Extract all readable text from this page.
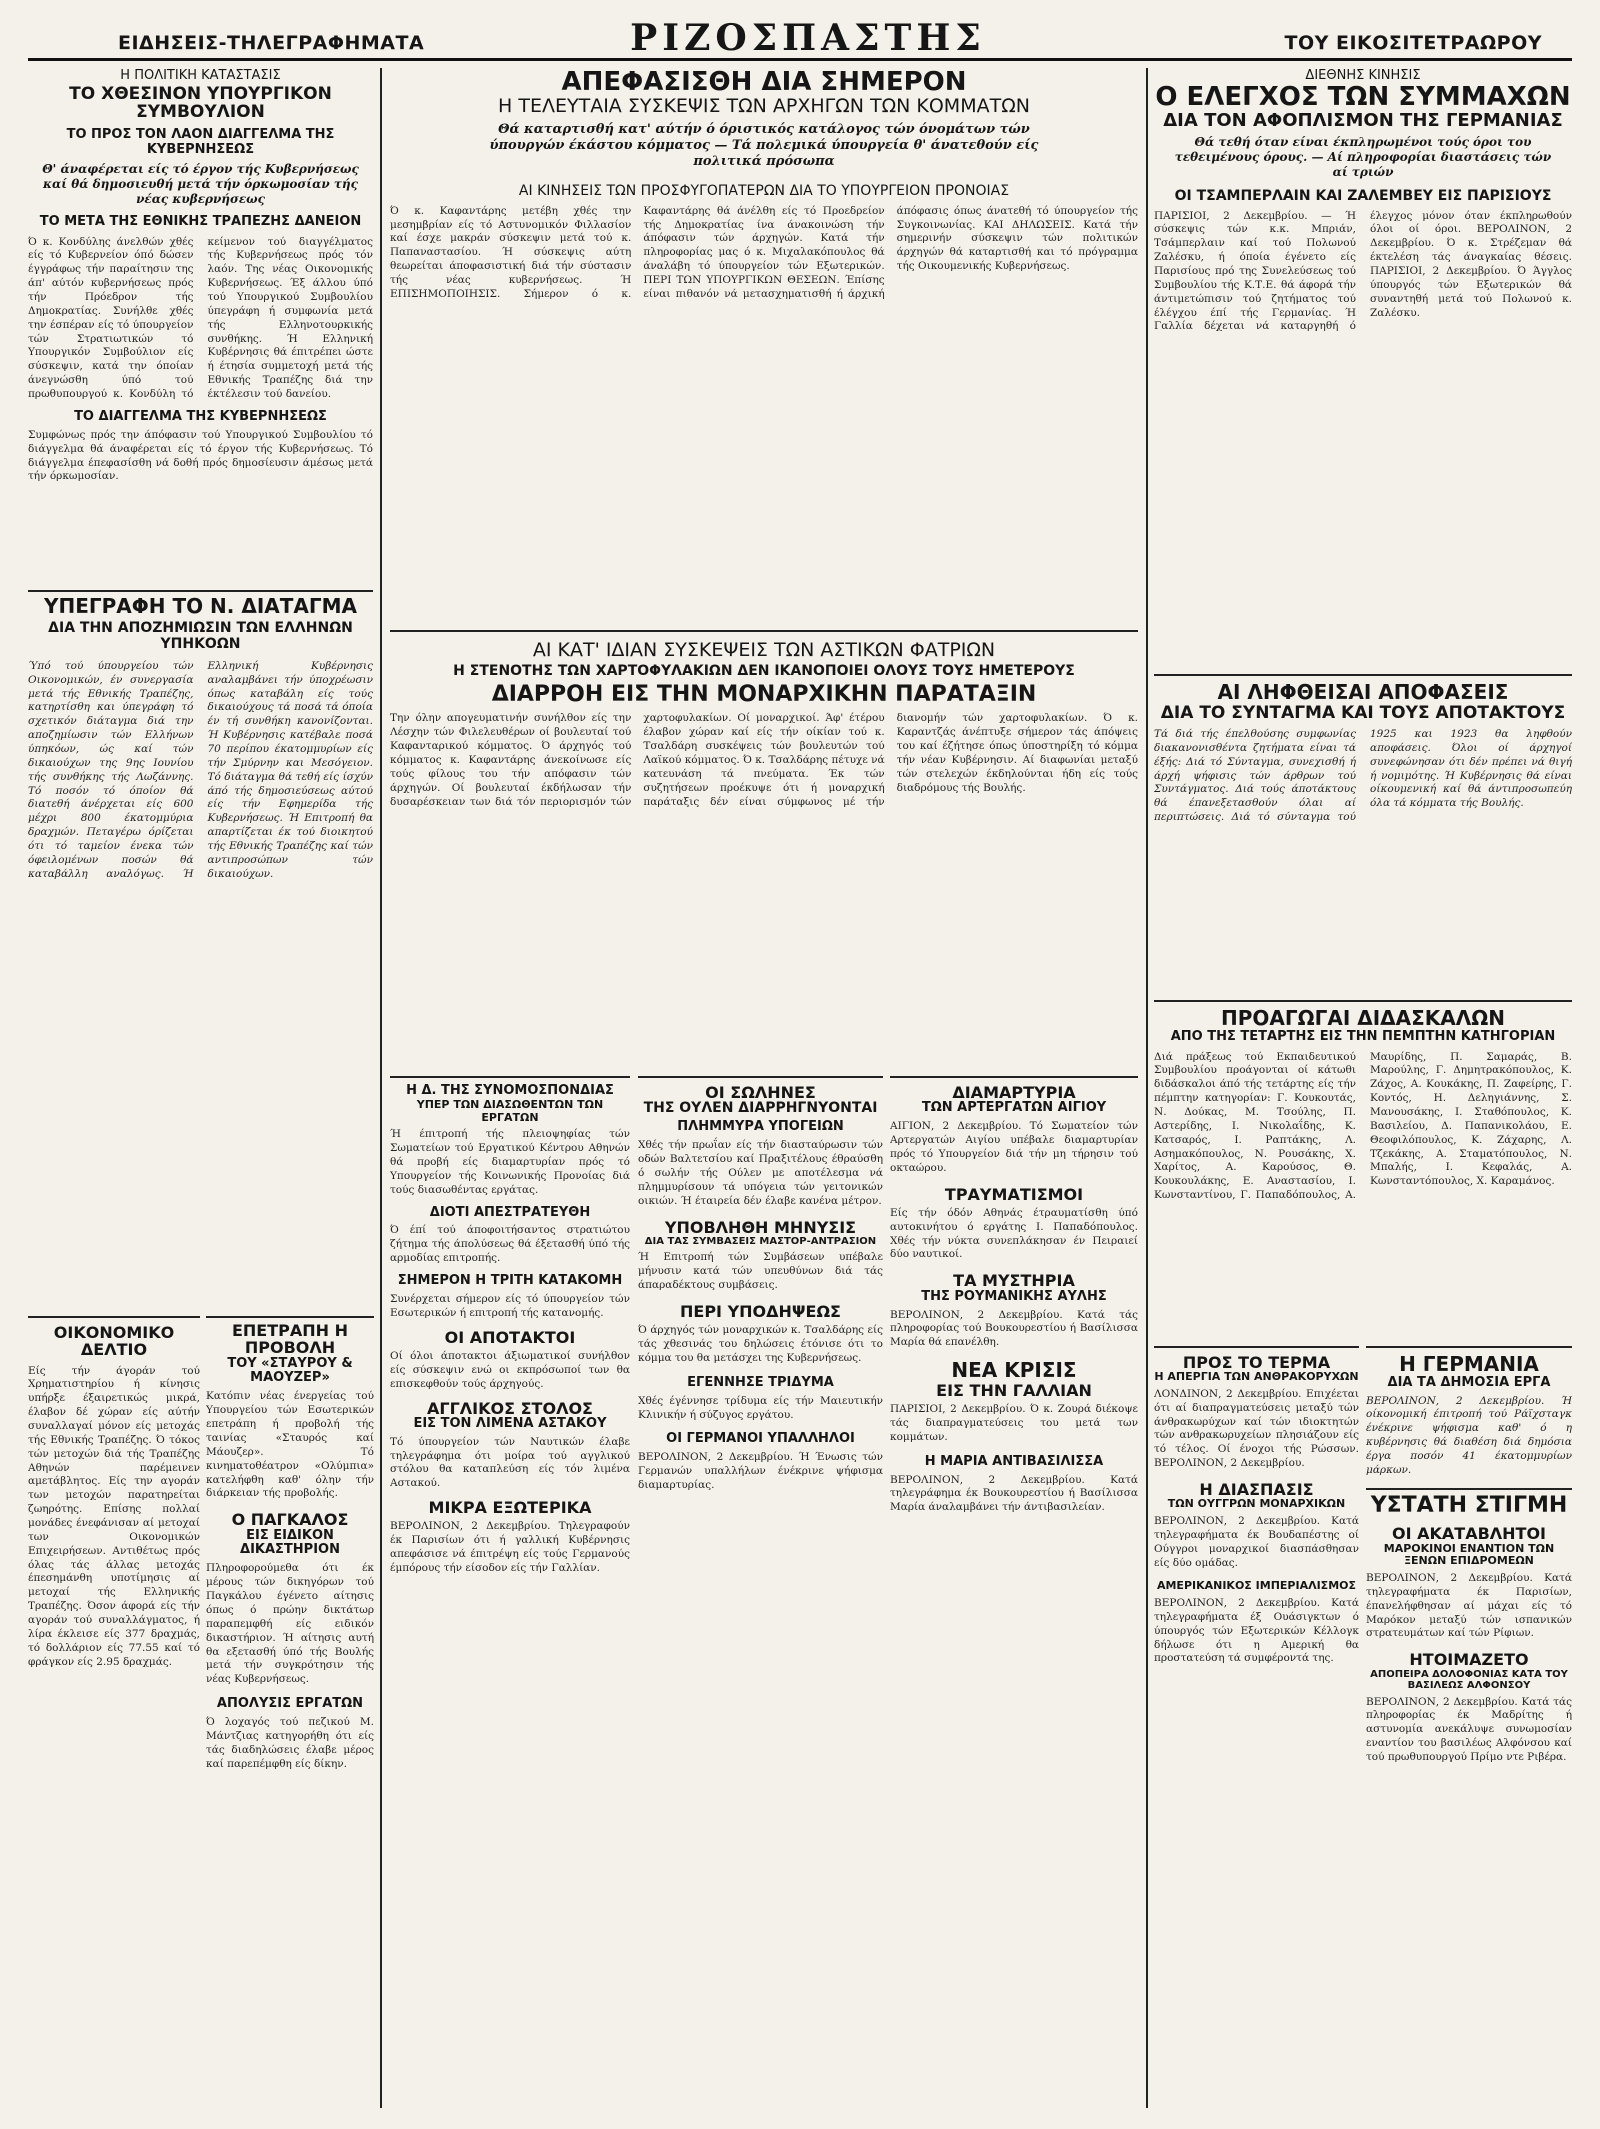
ΕΙΔΗΣΕΙΣ-ΤΗΛΕΓΡΑΦΗΜΑΤΑ	ΡΙΖΟΣΠΑΣΤΗΣ	ΤΟΥ ΕΙΚΟΣΙΤΕΤΡΑΩΡΟΥ
Η ΠΟΛΙΤΙΚΗ ΚΑΤΑΣΤΑΣΙΣ
ΤΟ ΧΘΕΣΙΝΟΝ ΥΠΟΥΡΓΙΚΟΝ ΣΥΜΒΟΥΛΙΟΝ
ΤΟ ΠΡΟΣ ΤΟΝ ΛΑΟΝ ΔΙΑΓΓΕΛΜΑ ΤΗΣ ΚΥΒΕΡΝΗΣΕΩΣ
Θ' άναφέρεται είς τό έργον τής Κυβερνήσεως καί θά δημοσιευθή μετά τήν όρκωμοσίαν τής νέας κυβερνήσεως
ΤΟ ΜΕΤΑ ΤΗΣ ΕΘΝΙΚΗΣ ΤΡΑΠΕΖΗΣ ΔΑΝΕΙΟΝ
Ό κ. Κονδύλης άνελθών χθές είς τό Κυβερνείον όπό δώσεν έγγράφως τήν παραίτησιν της άπ' αύτόν κυβερνήσεως πρός τήν Πρόεδρον τής Δημοκρατίας. Συνήλθε χθές την έσπέραν είς τό ύπουργείον τών Στρατιωτικών τό Υπουργικόν Συμβούλιον είς σύσκεψιν, κατά την όποίαν άνεγνώσθη ύπό τού πρωθυπουργού κ. Κονδύλη τό κείμενον τού διαγγέλματος τής Κυβερνήσεως πρός τόν λαόν. Της νέας Οικονομικής Κυβερνήσεως. Έξ άλλου ύπό τού Υπουργικού Συμβουλίου ύπεγράφη ή συμφωνία μετά τής Ελληνοτουρκικής συνθήκης. Ή Ελληνική Κυβέρνησις θά έπιτρέπει ώστε ή έτησία συμμετοχή μετά τής Εθνικής Τραπέζης διά την έκτέλεσιν τού δανείου.
ΤΟ ΔΙΑΓΓΕΛΜΑ ΤΗΣ ΚΥΒΕΡΝΗΣΕΩΣ
Συμφώνως πρός την άπόφασιν τού Υπουργικού Συμβουλίου τό διάγγελμα θά άναφέρεται είς τό έργον τής Κυβερνήσεως. Τό διάγγελμα έπεφασίσθη νά δοθή πρός δημοσίευσιν άμέσως μετά τήν όρκωμοσίαν.
ΥΠΕΓΡΑΦΗ ΤΟ Ν. ΔΙΑΤΑΓΜΑ
ΔΙΑ ΤΗΝ ΑΠΟΖΗΜΙΩΣΙΝ ΤΩΝ ΕΛΛΗΝΩΝ ΥΠΗΚΟΩΝ
Ύπό τού ύπουργείου τών Οικονομικών, έν συνεργασία μετά τής Εθνικής Τραπέζης, κατηρτίσθη και ύπεγράφη τό σχετικόν διάταγμα διά την αποζημίωσιν τών Ελλήνων ύπηκόων, ώς καί τών δικαιούχων της 9ης Ιουνίου τής συνθήκης τής Λωζάννης. Τό ποσόν τό όποίον θά διατεθή άνέρχεται είς 600 μέχρι 800 έκατομμύρια δραχμών. Πεταγέρω όρίζεται ότι τό ταμείον ένεκα τών όφειλομένων ποσών θά καταβάλλη αναλόγως. Ή Ελληνική Κυβέρνησις αναλαμβάνει τήν ύποχρέωσιν όπως καταβάλη είς τούς δικαιούχους τά ποσά τά όποία έν τή συνθήκη κανονίζονται. Ή Κυβέρνησις κατέβαλε ποσά 70 περίπου έκατομμυρίων είς τήν Σμύρνην και Μεσόγειον. Τό διάταγμα θά τεθή είς ίσχύν άπό τής δημοσιεύσεως αύτού είς τήν Εφημερίδα τής Κυβερνήσεως. Ή Επιτροπή θα απαρτίζεται έκ τού διοικητού τής Εθνικής Τραπέζης καί τών αντιπροσώπων τών δικαιούχων.
ΟΙΚΟΝΟΜΙΚΟ ΔΕΛΤΙΟ
Είς τήν άγοράν τού Χρηματιστηρίου ή κίνησις υπήρξε έξαιρετικώς μικρά, έλαβον δέ χώραν είς αύτήν συναλλαγαί μόνον είς μετοχάς τής Εθνικής Τραπέζης. Ό τόκος τών μετοχών διά τής Τραπέζης Αθηνών παρέμεινεν αμετάβλητος. Είς την αγοράν των μετοχών παρατηρείται ζωηρότης. Επίσης πολλαί μονάδες ένεφάνισαν αί μετοχαί των Οικονομικών Επιχειρήσεων. Αντιθέτως πρός όλας τάς άλλας μετοχάς έπεσημάνθη υποτίμησις αί μετοχαί τής Ελληνικής Τραπέζης. Όσον άφορά είς τήν αγοράν τού συναλλάγματος, ή λίρα έκλεισε είς 377 δραχμάς, τό δολλάριον είς 77.55 καί τό φράγκον είς 2.95 δραχμάς.
ΕΠΕΤΡΑΠΗ Η ΠΡΟΒΟΛΗ
ΤΟΥ «ΣΤΑΥΡΟΥ & ΜΑΟΥΖΕΡ»
Κατόπιν νέας ένεργείας τού Υπουργείου τών Εσωτερικών επετράπη ή προβολή τής ταινίας «Σταυρός καί Μάουζερ». Τό κινηματοθέατρον «Ολύμπια» κατελήφθη καθ' όλην τήν διάρκειαν τής προβολής.
Ο ΠΑΓΚΑΛΟΣ
ΕΙΣ ΕΙΔΙΚΟΝ ΔΙΚΑΣΤΗΡΙΟΝ
Πληροφορούμεθα ότι έκ μέρους τών δικηγόρων τού Παγκάλου έγένετο αίτησις όπως ό πρώην δικτάτωρ παραπεμφθή είς ειδικόν δικαστήριον. Ή αίτησις αυτή θα εξετασθή ύπό τής Βουλής μετά τήν συγκρότησιν τής νέας Κυβερνήσεως.
ΑΠΟΛΥΣΙΣ ΕΡΓΑΤΩΝ
Ό λοχαγός τού πεζικού Μ. Μάντζιας κατηγορήθη ότι είς τάς διαδηλώσεις έλαβε μέρος καί παρεπέμφθη είς δίκην.
ΑΠΕΦΑΣΙΣΘΗ ΔΙΑ ΣΗΜΕΡΟΝ
Η ΤΕΛΕΥΤΑΙΑ ΣΥΣΚΕΨΙΣ ΤΩΝ ΑΡΧΗΓΩΝ ΤΩΝ ΚΟΜΜΑΤΩΝ
Θά καταρτισθή κατ' αύτήν ό όριστικός κατάλογος τών όνομάτων τών ύπουργών έκάστου κόμματος — Τά πολεμικά ύπουργεία θ' άνατεθούν είς πολιτικά πρόσωπα
ΑΙ ΚΙΝΗΣΕΙΣ ΤΩΝ ΠΡΟΣΦΥΓΟΠΑΤΕΡΩΝ ΔΙΑ ΤΟ ΥΠΟΥΡΓΕΙΟΝ ΠΡΟΝΟΙΑΣ
Ό κ. Καφαντάρης μετέβη χθές την μεσημβρίαν είς τό Αστυνομικόν Φιλλασίον καί έσχε μακράν σύσκεψιν μετά τού κ. Παπαναστασίου. Ή σύσκεψις αύτη θεωρείται άποφασιστική διά τήν σύστασιν τής νέας κυβερνήσεως. Ή ΕΠΙΣΗΜΟΠΟΙΗΣΙΣ. Σήμερον ό κ. Καφαντάρης θά άνέλθη είς τό Προεδρείον τής Δημοκρατίας ίνα άνακοινώση τήν άπόφασιν τών άρχηγών. Κατά τήν πληροφορίας μας ό κ. Μιχαλακόπουλος θά άναλάβη τό ύπουργείον τών Εξωτερικών. ΠΕΡΙ ΤΩΝ ΥΠΟΥΡΓΙΚΩΝ ΘΕΣΕΩΝ. Έπίσης είναι πιθανόν νά μετασχηματισθή ή άρχική άπόφασις όπως άνατεθή τό ύπουργείον τής Συγκοινωνίας. ΚΑΙ ΔΗΛΩΣΕΙΣ. Κατά τήν σημερινήν σύσκεψιν τών πολιτικών άρχηγών θά καταρτισθή και τό πρόγραμμα τής Οικουμενικής Κυβερνήσεως.
ΑΙ ΚΑΤ' ΙΔΙΑΝ ΣΥΣΚΕΨΕΙΣ ΤΩΝ ΑΣΤΙΚΩΝ ΦΑΤΡΙΩΝ
Η ΣΤΕΝΟΤΗΣ ΤΩΝ ΧΑΡΤΟΦΥΛΑΚΙΩΝ ΔΕΝ ΙΚΑΝΟΠΟΙΕΙ ΟΛΟΥΣ ΤΟΥΣ ΗΜΕΤΕΡΟΥΣ
ΔΙΑΡΡΟΗ ΕΙΣ ΤΗΝ ΜΟΝΑΡΧΙΚΗΝ ΠΑΡΑΤΑΞΙΝ
Την όλην απογευματινήν συνήλθον είς την Λέσχην τών Φιλελευθέρων οί βουλευταί τού Καφανταρικού κόμματος. Ό άρχηγός τού κόμματος κ. Καφαντάρης άνεκοίνωσε είς τούς φίλους του τήν απόφασιν τών άρχηγών. Οί βουλευταί έκδήλωσαν τήν δυσαρέσκειαν των διά τόν περιορισμόν τών χαρτοφυλακίων. Οί μοναρχικοί. Άφ' έτέρου έλαβον χώραν καί είς τήν οίκίαν τού κ. Τσαλδάρη συσκέψεις τών βουλευτών τού Λαϊκού κόμματος. Ό κ. Τσαλδάρης πέτυχε νά κατευνάση τά πνεύματα. Έκ τών συζητήσεων προέκυψε ότι ή μοναρχική παράταξις δέν είναι σύμφωνος μέ τήν διανομήν τών χαρτοφυλακίων. Ό κ. Καραντζάς άνέπτυξε σήμερον τάς άπόψεις του καί έζήτησε όπως ύποστηρίξη τό κόμμα τήν νέαν Κυβέρνησιν. Αί διαφωνίαι μεταξύ τών στελεχών έκδηλούνται ήδη είς τούς διαδρόμους τής Βουλής.
Η Δ. ΤΗΣ ΣΥΝΟΜΟΣΠΟΝΔΙΑΣ
ΥΠΕΡ ΤΩΝ ΔΙΑΣΩΘΕΝΤΩΝ ΤΩΝ ΕΡΓΑΤΩΝ
Ή έπιτροπή τής πλειοψηφίας τών Σωματείων τού Εργατικού Κέντρου Αθηνών θά προβή είς διαμαρτυρίαν πρός τό Υπουργείον τής Κοινωνικής Προνοίας διά τούς διασωθέντας εργάτας.
ΔΙΟΤΙ ΑΠΕΣΤΡΑΤΕΥΘΗ
Ό έπί τού άποφοιτήσαντος στρατιώτου ζήτημα τής άπολύσεως θά έξετασθή ύπό τής αρμοδίας επιτροπής.
ΣΗΜΕΡΟΝ Η ΤΡΙΤΗ ΚΑΤΑΚΟΜΗ
Συνέρχεται σήμερον είς τό ύπουργείον τών Εσωτερικών ή επιτροπή τής κατανομής.
ΟΙ ΑΠΟΤΑΚΤΟΙ
Οί όλοι άποτακτοι άξιωματικοί συνήλθον είς σύσκεψιν ενώ οι εκπρόσωποί των θα επισκεφθούν τούς άρχηγούς.
ΑΓΓΛΙΚΟΣ ΣΤΟΛΟΣ
ΕΙΣ ΤΟΝ ΛΙΜΕΝΑ ΑΣΤΑΚΟΥ
Τό ύπουργείον τών Ναυτικών έλαβε τηλεγράφημα ότι μοίρα τού αγγλικού στόλου θα καταπλεύση είς τόν λιμένα Αστακού.
ΜΙΚΡΑ ΕΞΩΤΕΡΙΚΑ
ΒΕΡΟΛΙΝΟΝ, 2 Δεκεμβρίου. Τηλεγραφούν έκ Παρισίων ότι ή γαλλική Κυβέρνησις απεφάσισε νά έπιτρέψη είς τούς Γερμανούς έμπόρους τήν είσοδον είς τήν Γαλλίαν.
ΟΙ ΣΩΛΗΝΕΣ
ΤΗΣ ΟΥΛΕΝ ΔΙΑΡΡΗΓΝΥΟΝΤΑΙ
ΠΛΗΜΜΥΡΑ ΥΠΟΓΕΙΩΝ
Χθές τήν πρωΐαν είς τήν διασταύρωσιν τών οδών Βαλτετσίου καί Πραξιτέλους έθραύσθη ό σωλήν τής Ούλεν με αποτέλεσμα νά πλημμυρίσουν τά υπόγεια τών γειτονικών οικιών. Ή έταιρεία δέν έλαβε κανένα μέτρον.
ΥΠΟΒΛΗΘΗ ΜΗΝΥΣΙΣ
ΔΙΑ ΤΑΣ ΣΥΜΒΑΣΕΙΣ ΜΑΣΤΟΡ-ΑΝΤΡΑΣΙΟΝ
Ή Επιτροπή τών Συμβάσεων υπέβαλε μήνυσιν κατά τών υπευθύνων διά τάς άπαραδέκτους συμβάσεις.
ΠΕΡΙ ΥΠΟΔΗΨΕΩΣ
Ό άρχηγός τών μοναρχικών κ. Τσαλδάρης είς τάς χθεσινάς του δηλώσεις έτόνισε ότι το κόμμα του θα μετάσχει της Κυβερνήσεως.
ΕΓΕΝΝΗΣΕ ΤΡΙΔΥΜΑ
Χθές έγέννησε τρίδυμα είς τήν Μαιευτικήν Κλινικήν ή σύζυγος εργάτου.
ΟΙ ΓΕΡΜΑΝΟΙ ΥΠΑΛΛΗΛΟΙ
ΒΕΡΟΛΙΝΟΝ, 2 Δεκεμβρίου. Ή Ένωσις τών Γερμανών υπαλλήλων ένέκρινε ψήφισμα διαμαρτυρίας.
ΔΙΑΜΑΡΤΥΡΙΑ
ΤΩΝ ΑΡΤΕΡΓΑΤΩΝ ΑΙΓΙΟΥ
ΑΙΓΙΟΝ, 2 Δεκεμβρίου. Τό Σωματείον τών Αρτεργατών Αιγίου υπέβαλε διαμαρτυρίαν πρός τό Υπουργείον διά τήν μη τήρησιν τού οκταώρου.
ΤΡΑΥΜΑΤΙΣΜΟΙ
Είς τήν όδόν Αθηνάς έτραυματίσθη ύπό αυτοκινήτου ό εργάτης Ι. Παπαδόπουλος. Χθές τήν νύκτα συνεπλάκησαν έν Πειραιεί δύο ναυτικοί.
ΤΑ ΜΥΣΤΗΡΙΑ
ΤΗΣ ΡΟΥΜΑΝΙΚΗΣ ΑΥΛΗΣ
ΒΕΡΟΛΙΝΟΝ, 2 Δεκεμβρίου. Κατά τάς πληροφορίας τού Βουκουρεστίου ή Βασίλισσα Μαρία θά επανέλθη.
ΝΕΑ ΚΡΙΣΙΣ
ΕΙΣ ΤΗΝ ΓΑΛΛΙΑΝ
ΠΑΡΙΣΙΟΙ, 2 Δεκεμβρίου. Ό κ. Ζουρά διέκοψε τάς διαπραγματεύσεις του μετά των κομμάτων.
Η ΜΑΡΙΑ ΑΝΤΙΒΑΣΙΛΙΣΣΑ
ΒΕΡΟΛΙΝΟΝ, 2 Δεκεμβρίου. Κατά τηλεγράφημα έκ Βουκουρεστίου ή Βασίλισσα Μαρία άναλαμβάνει τήν άντιβασιλείαν.
ΔΙΕΘΝΗΣ ΚΙΝΗΣΙΣ
Ο ΕΛΕΓΧΟΣ ΤΩΝ ΣΥΜΜΑΧΩΝ
ΔΙΑ ΤΟΝ ΑΦΟΠΛΙΣΜΟΝ ΤΗΣ ΓΕΡΜΑΝΙΑΣ
Θά τεθή όταν είναι έκπληρωμένοι τούς όροι του τεθειμένους όρους. — Αί πληροφορίαι διαστάσεις τών αί τριών
ΟΙ ΤΣΑΜΠΕΡΛΑΙΝ ΚΑΙ ΖΑΛΕΜΒΕΥ ΕΙΣ ΠΑΡΙΣΙΟΥΣ
ΠΑΡΙΣΙΟΙ, 2 Δεκεμβρίου. — Ή σύσκεψις τών κ.κ. Μπριάν, Τσάμπερλαιν καί τού Πολωνού Ζαλέσκυ, ή όποία έγένετο είς Παρισίους πρό της Συνελεύσεως τού Συμβουλίου τής Κ.Τ.Ε. θά άφορά τήν άντιμετώπισιν τού ζητήματος τού έλέγχου έπί τής Γερμανίας. Ή Γαλλία δέχεται νά καταργηθή ό έλεγχος μόνον όταν έκπληρωθούν όλοι οί όροι. ΒΕΡΟΛΙΝΟΝ, 2 Δεκεμβρίου. Ό κ. Στρέζεμαν θά έκτελέση τάς άναγκαίας θέσεις. ΠΑΡΙΣΙΟΙ, 2 Δεκεμβρίου. Ό Άγγλος ύπουργός τών Εξωτερικών θά συναντηθή μετά τού Πολωνού κ. Ζαλέσκυ.
ΑΙ ΛΗΦΘΕΙΣΑΙ ΑΠΟΦΑΣΕΙΣ
ΔΙΑ ΤΟ ΣΥΝΤΑΓΜΑ ΚΑΙ ΤΟΥΣ ΑΠΟΤΑΚΤΟΥΣ
Τά διά τής έπελθούσης συμφωνίας διακανονισθέντα ζητήματα είναι τά έξής: Διά τό Σύνταγμα, συνεχισθή ή άρχή ψήφισις τών άρθρων τού Συντάγματος. Διά τούς άποτάκτους θά έπανεξετασθούν όλαι αί περιπτώσεις. Διά τό σύνταγμα τού 1925 και 1923 θα ληφθούν αποφάσεις. Όλοι οί άρχηγοί συνεφώνησαν ότι δέν πρέπει νά θιγή ή νομιμότης. Ή Κυβέρνησις θά είναι οίκουμενική καί θά άντιπροσωπεύη όλα τά κόμματα τής Βουλής.
ΠΡΟΑΓΩΓΑΙ ΔΙΔΑΣΚΑΛΩΝ
ΑΠΟ ΤΗΣ ΤΕΤΑΡΤΗΣ ΕΙΣ ΤΗΝ ΠΕΜΠΤΗΝ ΚΑΤΗΓΟΡΙΑΝ
Διά πράξεως τού Εκπαιδευτικού Συμβουλίου προάγονται οί κάτωθι διδάσκαλοι άπό τής τετάρτης είς τήν πέμπτην κατηγορίαν: Γ. Κουκουτάς, Ν. Δούκας, Μ. Τσούλης, Π. Αστερίδης, Ι. Νικολαΐδης, Κ. Κατσαρός, Ι. Ραπτάκης, Λ. Ασημακόπουλος, Ν. Ρουσάκης, Χ. Χαρίτος, Α. Καρούσος, Θ. Κουκουλάκης, Ε. Αναστασίου, Ι. Κωνσταντίνου, Γ. Παπαδόπουλος, Α. Μαυρίδης, Π. Σαμαράς, Β. Μαρούλης, Γ. Δημητρακόπουλος, Κ. Ζάχος, Α. Κουκάκης, Π. Ζαφείρης, Γ. Κοντός, Η. Δεληγιάννης, Σ. Μανουσάκης, Ι. Σταθόπουλος, Κ. Βασιλείου, Δ. Παπανικολάου, Ε. Θεοφιλόπουλος, Κ. Ζάχαρης, Λ. Τζεκάκης, Α. Σταματόπουλος, Ν. Μπαλής, Ι. Κεφαλάς, Α. Κωνσταντόπουλος, Χ. Καραμάνος.
ΠΡΟΣ ΤΟ ΤΕΡΜΑ
Η ΑΠΕΡΓΙΑ ΤΩΝ ΑΝΘΡΑΚΟΡΥΧΩΝ
ΛΟΝΔΙΝΟΝ, 2 Δεκεμβρίου. Επιχέεται ότι αί διαπραγματεύσεις μεταξύ τών άνθρακωρύχων καί τών ιδιοκτητών τών ανθρακωρυχείων πλησιάζουν είς τό τέλος. Οί ένοχοι τής Ρώσσων. ΒΕΡΟΛΙΝΟΝ, 2 Δεκεμβρίου.
Η ΔΙΑΣΠΑΣΙΣ
ΤΩΝ ΟΥΓΓΡΩΝ ΜΟΝΑΡΧΙΚΩΝ
ΒΕΡΟΛΙΝΟΝ, 2 Δεκεμβρίου. Κατά τηλεγραφήματα έκ Βουδαπέστης οί Ούγγροι μοναρχικοί διασπάσθησαν είς δύο ομάδας.
ΑΜΕΡΙΚΑΝΙΚΟΣ ΙΜΠΕΡΙΑΛΙΣΜΟΣ
ΒΕΡΟΛΙΝΟΝ, 2 Δεκεμβρίου. Κατά τηλεγραφήματα έξ Ουάσιγκτων ό ύπουργός τών Εξωτερικών Κέλλογκ δήλωσε ότι η Αμερική θα προστατεύση τά συμφέροντά της.
Η ΓΕΡΜΑΝΙΑ
ΔΙΑ ΤΑ ΔΗΜΟΣΙΑ ΕΡΓΑ
ΒΕΡΟΛΙΝΟΝ, 2 Δεκεμβρίου. Ή οίκονομική έπιτροπή τού Ράϊχσταγκ ένέκρινε ψήφισμα καθ' ό η κυβέρνησις θά διαθέση διά δημόσια έργα ποσόν 41 έκατομμυρίων μάρκων.
ΥΣΤΑΤΗ ΣΤΙΓΜΗ
ΟΙ ΑΚΑΤΑΒΛΗΤΟΙ
ΜΑΡΟΚΙΝΟΙ ΕΝΑΝΤΙΟΝ ΤΩΝ ΞΕΝΩΝ ΕΠΙΔΡΟΜΕΩΝ
ΒΕΡΟΛΙΝΟΝ, 2 Δεκεμβρίου. Κατά τηλεγραφήματα έκ Παρισίων, έπανελήφθησαν αί μάχαι είς τό Μαρόκον μεταξύ τών ισπανικών στρατευμάτων καί τών Ρίφιων.
ΗΤΟΙΜΑΖΕΤΟ
ΑΠΟΠΕΙΡΑ ΔΟΛΟΦΟΝΙΑΣ ΚΑΤΑ ΤΟΥ ΒΑΣΙΛΕΩΣ ΑΛΦΟΝΣΟΥ
ΒΕΡΟΛΙΝΟΝ, 2 Δεκεμβρίου. Κατά τάς πληροφορίας έκ Μαδρίτης ή αστυνομία ανεκάλυψε συνωμοσίαν εναντίον του βασιλέως Αλφόνσου καί τού πρωθυπουργού Πρίμο ντε Ριβέρα.
